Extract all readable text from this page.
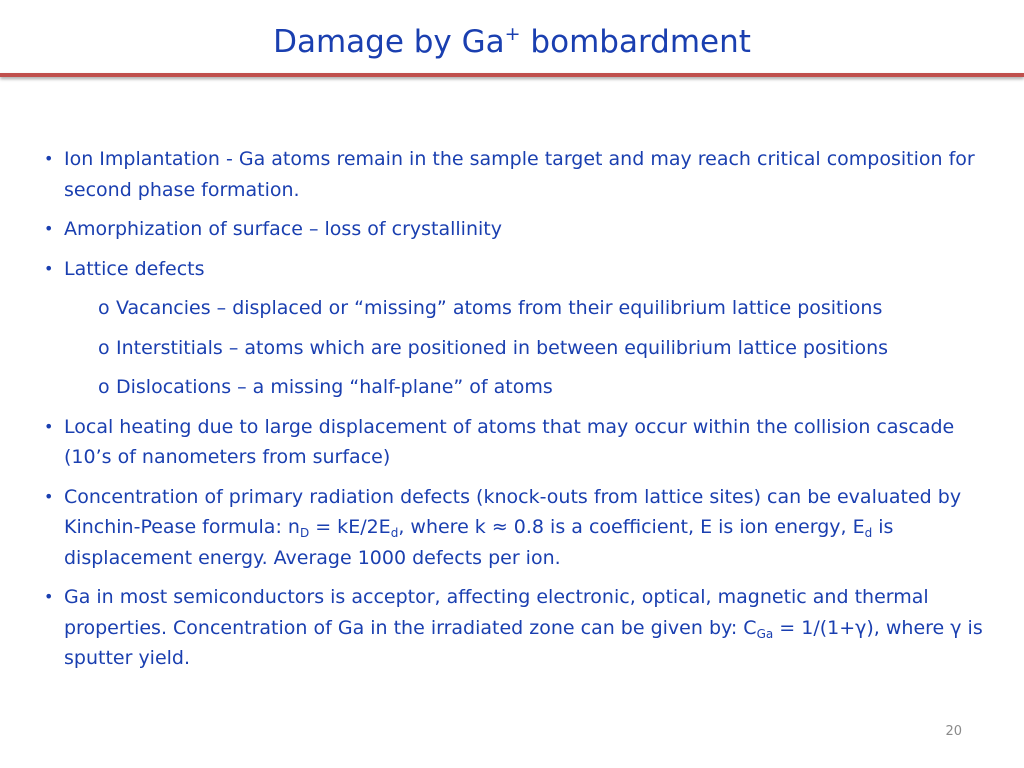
Damage by Ga+ bombardment
• Ion Implantation - Ga atoms remain in the sample target and may reach critical composition for second phase formation.
• Amorphization of surface – loss of crystallinity
• Lattice defects
o Vacancies – displaced or “missing” atoms from their equilibrium lattice positions
o Interstitials – atoms which are positioned in between equilibrium lattice positions
o Dislocations – a missing “half-plane” of atoms
• Local heating due to large displacement of atoms that may occur within the collision cascade (10’s of nanometers from surface)
• Concentration of primary radiation defects (knock-outs from lattice sites) can be evaluated by Kinchin-Pease formula: $n_D = kE/2E_d$, where k ≈ 0.8 is a coefficient, E is ion energy, $E_d$ is displacement energy. Average 1000 defects per ion.
• Ga in most semiconductors is acceptor, affecting electronic, optical, magnetic and thermal properties. Concentration of Ga in the irradiated zone can be given by: $C_{Ga} = 1/(1+\gamma)$, where γ is sputter yield.
20
